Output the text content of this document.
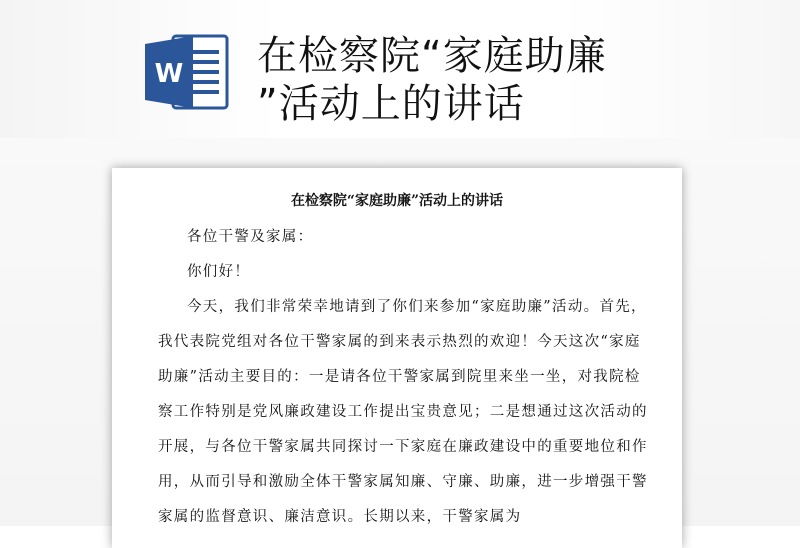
W 在检察院“家庭助廉
”活动上的讲话
在检察院“家庭助廉”活动上的讲话
各位干警及家属：
你们好！
今天，我们非常荣幸地请到了你们来参加“家庭助廉”活动。首先，我代表院党组对各位干警家属的到来表示热烈的欢迎！今天这次“家庭助廉”活动主要目的：一是请各位干警家属到院里来坐一坐，对我院检察工作特别是党风廉政建设工作提出宝贵意见；二是想通过这次活动的开展，与各位干警家属共同探讨一下家庭在廉政建设中的重要地位和作用，从而引导和激励全体干警家属知廉、守廉、助廉，进一步增强干警家属的监督意识、廉洁意识。长期以来，干警家属为
